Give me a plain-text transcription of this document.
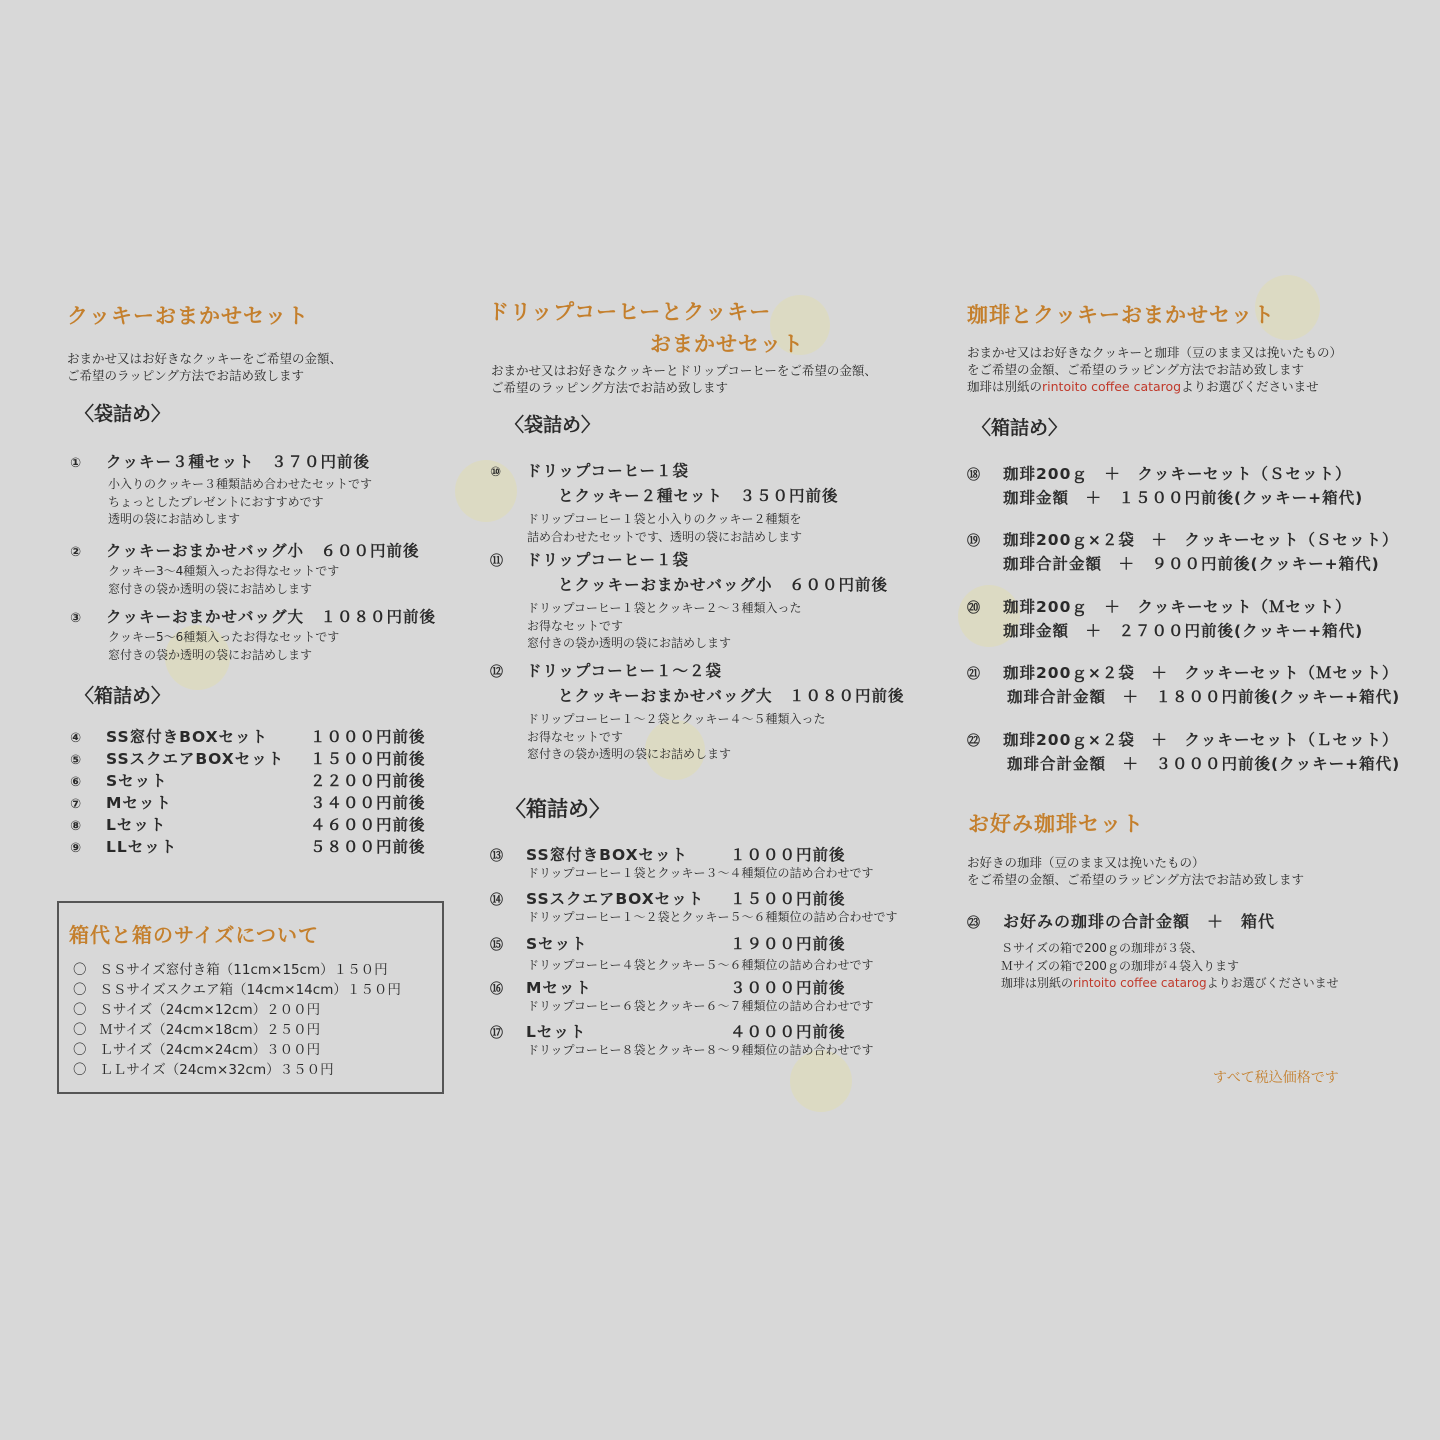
クッキーおまかせセット
おまかせ又はお好きなクッキーをご希望の金額、
ご希望のラッピング方法でお詰め致します
〈袋詰め〉
① クッキー３種セット　３７０円前後
小入りのクッキー３種類詰め合わせたセットです
ちょっとしたプレゼントにおすすめです
透明の袋にお詰めします
② クッキーおまかせバッグ小　６００円前後
クッキー3〜4種類入ったお得なセットです
窓付きの袋か透明の袋にお詰めします
③ クッキーおまかせバッグ大　１０８０円前後
クッキー5〜6種類入ったお得なセットです
窓付きの袋か透明の袋にお詰めします
〈箱詰め〉
④ SS窓付きBOXセット	１０００円前後
⑤ SSスクエアBOXセット １５００円前後
⑥ Sセット	２２００円前後
⑦ Mセット	３４００円前後
⑧ Lセット	４６００円前後
⑨ LLセット	５８００円前後
箱代と箱のサイズについて
〇 ＳＳサイズ窓付き箱（11cm×15cm）１５０円
〇 ＳＳサイズスクエア箱（14cm×14cm）１５０円
〇 Ｓサイズ（24cm×12cm）２００円
〇 Ｍサイズ（24cm×18cm）２５０円
〇 Ｌサイズ（24cm×24cm）３００円
〇 ＬＬサイズ（24cm×32cm）３５０円
ドリップコーヒーとクッキー
おまかせセット
おまかせ又はお好きなクッキーとドリップコーヒーをご希望の金額、
ご希望のラッピング方法でお詰め致します
〈袋詰め〉
⑩ ドリップコーヒー１袋
とクッキー２種セット　３５０円前後
ドリップコーヒー１袋と小入りのクッキー２種類を
詰め合わせたセットです、透明の袋にお詰めします
⑪ ドリップコーヒー１袋
とクッキーおまかせバッグ小　６００円前後
ドリップコーヒー１袋とクッキー２〜３種類入った
お得なセットです
窓付きの袋か透明の袋にお詰めします
⑫ ドリップコーヒー１〜２袋
とクッキーおまかせバッグ大　１０８０円前後
ドリップコーヒー１〜２袋とクッキー４〜５種類入った
お得なセットです
窓付きの袋か透明の袋にお詰めします
〈箱詰め〉
⑬ SS窓付きBOXセット	１０００円前後
ドリップコーヒー１袋とクッキー３〜４種類位の詰め合わせです
⑭ SSスクエアBOXセット １５００円前後
ドリップコーヒー１〜２袋とクッキー５〜６種類位の詰め合わせです
⑮ Sセット	１９００円前後
ドリップコーヒー４袋とクッキー５〜６種類位の詰め合わせです
⑯ Mセット	３０００円前後
ドリップコーヒー６袋とクッキー６〜７種類位の詰め合わせです
⑰ Lセット	４０００円前後
ドリップコーヒー８袋とクッキー８〜９種類位の詰め合わせです
珈琲とクッキーおまかせセット
おまかせ又はお好きなクッキーと珈琲（豆のまま又は挽いたもの）
をご希望の金額、ご希望のラッピング方法でお詰め致します
珈琲は別紙のrintoito coffee catarogよりお選びくださいませ
〈箱詰め〉
⑱ 珈琲200ｇ　＋　クッキーセット（Ｓセット）
珈琲金額　＋　１５００円前後(クッキー+箱代)
⑲ 珈琲200ｇ×２袋　＋　クッキーセット（Ｓセット）
珈琲合計金額　＋　９００円前後(クッキー+箱代)
⑳ 珈琲200ｇ　＋　クッキーセット（Ｍセット）
珈琲金額　＋　２７００円前後(クッキー+箱代)
㉑ 珈琲200ｇ×２袋　＋　クッキーセット（Ｍセット）
珈琲合計金額　＋　１８００円前後(クッキー+箱代)
㉒ 珈琲200ｇ×２袋　＋　クッキーセット（Ｌセット）
珈琲合計金額　＋　３０００円前後(クッキー+箱代)
お好み珈琲セット
お好きの珈琲（豆のまま又は挽いたもの）
をご希望の金額、ご希望のラッピング方法でお詰め致します
㉓ お好みの珈琲の合計金額　＋　箱代
Ｓサイズの箱で200ｇの珈琲が３袋、
Ｍサイズの箱で200ｇの珈琲が４袋入ります
珈琲は別紙のrintoito coffee catarogよりお選びくださいませ
すべて税込価格です
